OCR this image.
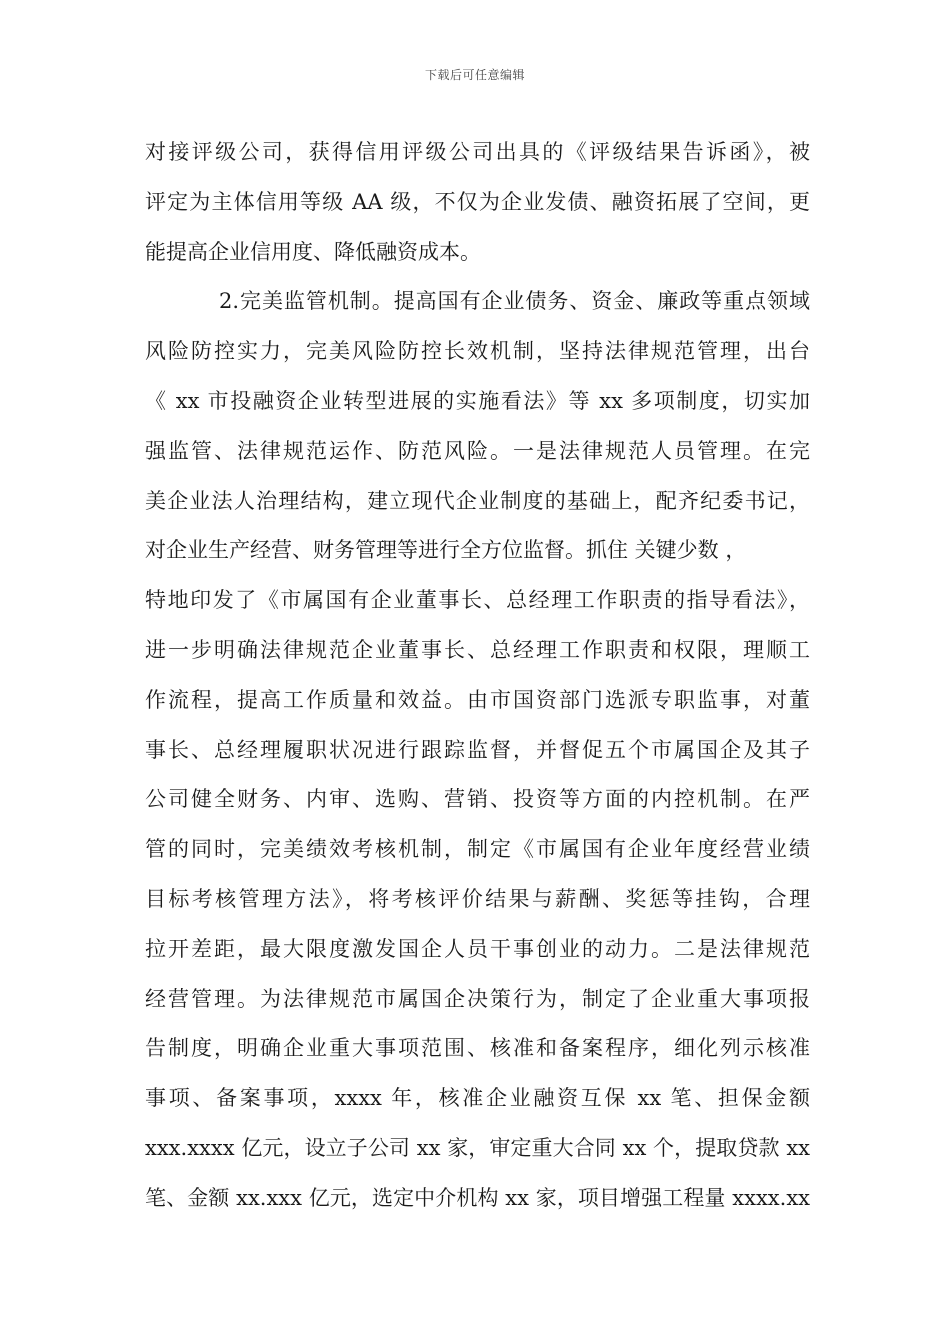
下载后可任意编辑
对接评级公司，获得信用评级公司出具的《评级结果告诉函》，被
评定为主体信用等级 AA 级，不仅为企业发债、融资拓展了空间，更
能提高企业信用度、降低融资成本。
2.完美监管机制。提高国有企业债务、资金、廉政等重点领域
风险防控实力，完美风险防控长效机制，坚持法律规范管理，出台
《 xx 市投融资企业转型进展的实施看法》等 xx 多项制度，切实加
强监管、法律规范运作、防范风险。一是法律规范人员管理。在完
美企业法人治理结构，建立现代企业制度的基础上，配齐纪委书记，
对企业生产经营、财务管理等进行全方位监督。抓住 关键少数 ，
特地印发了《市属国有企业董事长、总经理工作职责的指导看法》，
进一步明确法律规范企业董事长、总经理工作职责和权限，理顺工
作流程，提高工作质量和效益。由市国资部门选派专职监事，对董
事长、总经理履职状况进行跟踪监督，并督促五个市属国企及其子
公司健全财务、内审、选购、营销、投资等方面的内控机制。在严
管的同时，完美绩效考核机制，制定《市属国有企业年度经营业绩
目标考核管理方法》，将考核评价结果与薪酬、奖惩等挂钩，合理
拉开差距，最大限度激发国企人员干事创业的动力。二是法律规范
经营管理。为法律规范市属国企决策行为，制定了企业重大事项报
告制度，明确企业重大事项范围、核准和备案程序，细化列示核准
事项、备案事项，xxxx 年，核准企业融资互保 xx 笔、担保金额
xxx.xxxx 亿元，设立子公司 xx 家，审定重大合同 xx 个，提取贷款 xx
笔、金额 xx.xxx 亿元，选定中介机构 xx 家，项目增强工程量 xxxx.xx
